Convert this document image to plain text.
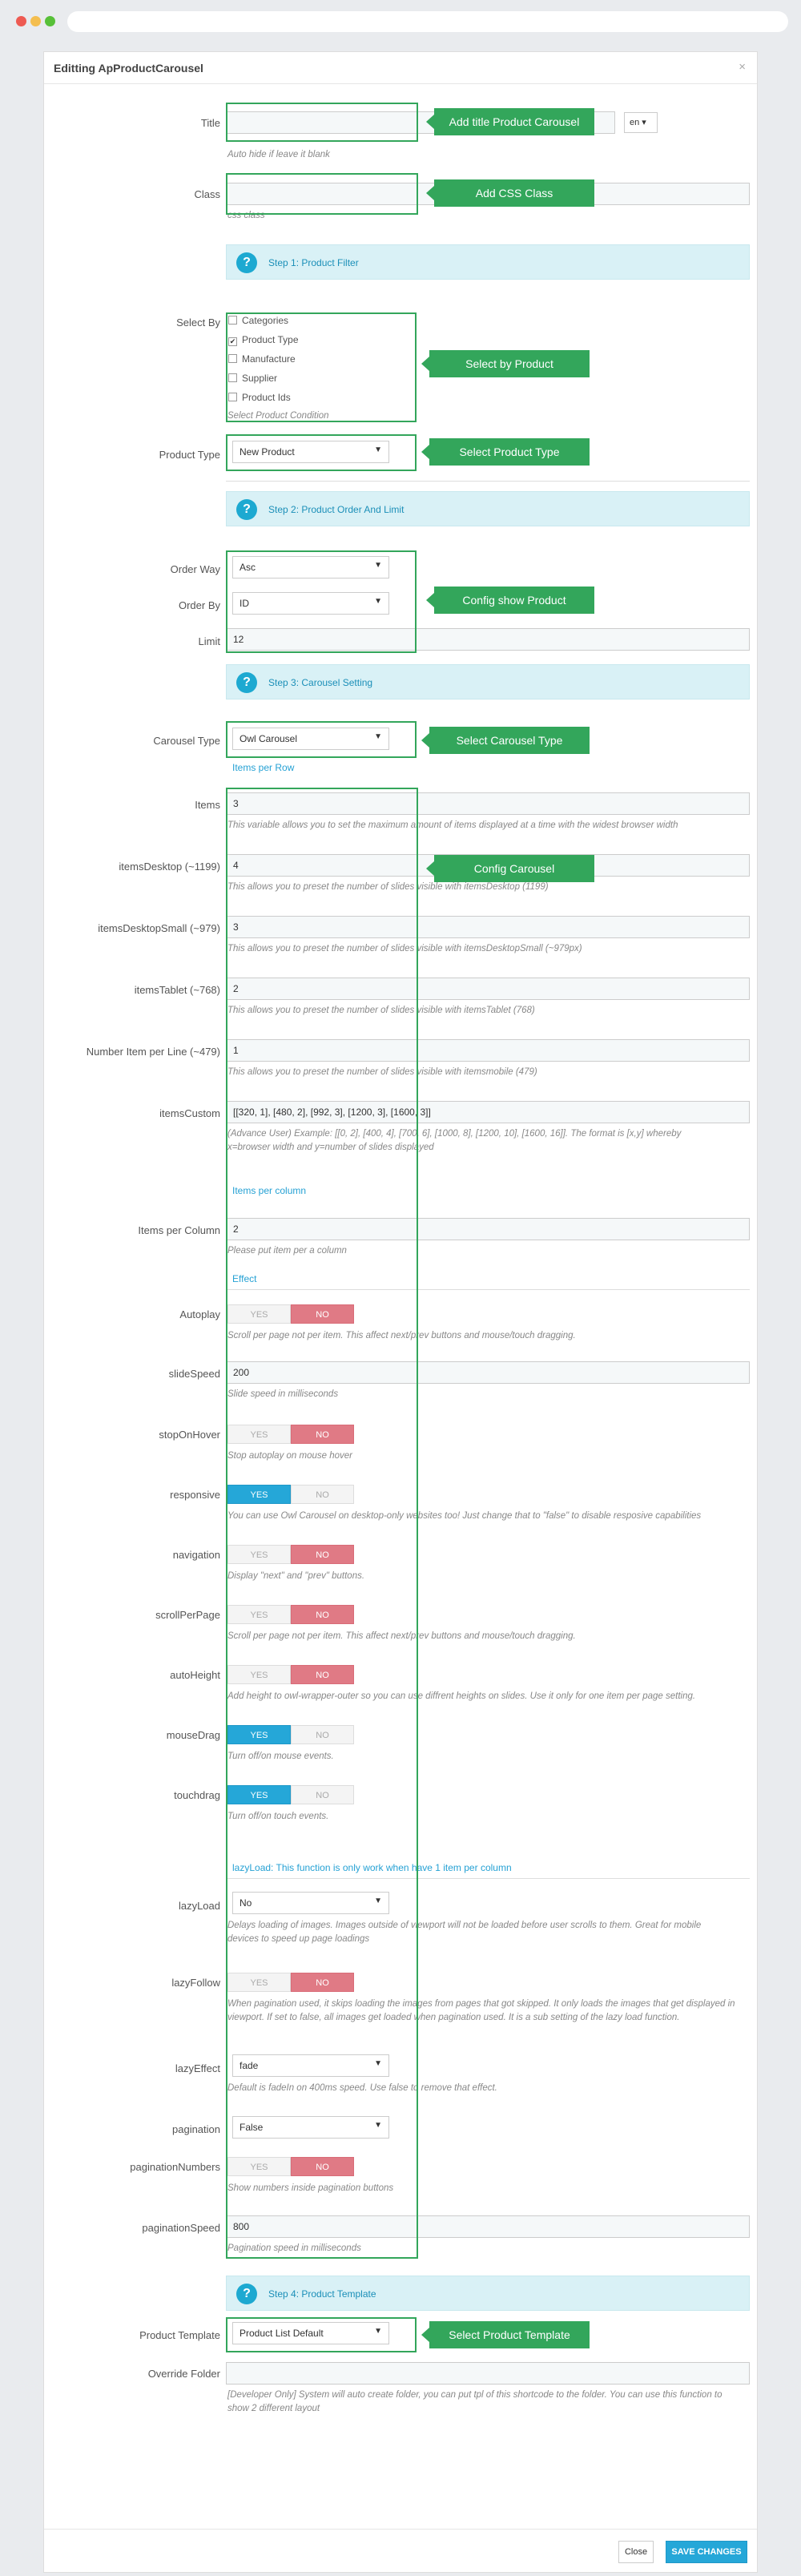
Editting ApProductCarousel	×
Title	en ▾
Auto hide if leave it blank
Class
css class
?	Step 1: Product Filter
Select By	Categories
✔ Product Type
Manufacture
Supplier
Product Ids
Select Product Condition
Product Type	New Product	▼
?	Step 2: Product Order And Limit
Order Way	Asc	▼
Order By	ID	▼
Limit	12
?	Step 3: Carousel Setting
Carousel Type	Owl Carousel	▼
Items per Row
Items	3
This variable allows you to set the maximum amount of items displayed at a time with the widest browser width
itemsDesktop (~1199)	4
This allows you to preset the number of slides visible with itemsDesktop (1199)
itemsDesktopSmall (~979)	3
This allows you to preset the number of slides visible with itemsDesktopSmall (~979px)
itemsTablet (~768)	2
This allows you to preset the number of slides visible with itemsTablet (768)
Number Item per Line (~479)	1
This allows you to preset the number of slides visible with itemsmobile (479)
itemsCustom	[[320, 1], [480, 2], [992, 3], [1200, 3], [1600, 3]]
(Advance User) Example: [[0, 2], [400, 4], [700, 6], [1000, 8], [1200, 10], [1600, 16]]. The format is [x,y] whereby x=browser width and y=number of slides displayed
Items per column
Items per Column	2
Please put item per a column
Effect
Autoplay	YES	NO
Scroll per page not per item. This affect next/prev buttons and mouse/touch dragging.
slideSpeed	200
Slide speed in milliseconds
stopOnHover	YES	NO
Stop autoplay on mouse hover
responsive	YES	NO
You can use Owl Carousel on desktop-only websites too! Just change that to "false" to disable resposive capabilities
navigation	YES	NO
Display "next" and "prev" buttons.
scrollPerPage	YES	NO
Scroll per page not per item. This affect next/prev buttons and mouse/touch dragging.
autoHeight	YES	NO
Add height to owl-wrapper-outer so you can use diffrent heights on slides. Use it only for one item per page setting.
mouseDrag	YES	NO
Turn off/on mouse events.
touchdrag	YES	NO
Turn off/on touch events.
lazyLoad: This function is only work when have 1 item per column
lazyLoad	No	▼
Delays loading of images. Images outside of viewport will not be loaded before user scrolls to them. Great for mobile devices to speed up page loadings
lazyFollow	YES	NO
When pagination used, it skips loading the images from pages that got skipped. It only loads the images that get displayed in viewport. If set to false, all images get loaded when pagination used. It is a sub setting of the lazy load function.
lazyEffect	fade	▼
Default is fadeIn on 400ms speed. Use false to remove that effect.
pagination	False	▼
paginationNumbers	YES	NO
Show numbers inside pagination buttons
paginationSpeed	800
Pagination speed in milliseconds
?	Step 4: Product Template
Product Template	Product List Default	▼
Override Folder
[Developer Only] System will auto create folder, you can put tpl of this shortcode to the folder. You can use this function to show 2 different layout
Add title Product Carousel
Add CSS Class
Select by Product
Select Product Type
Config show Product
Select Carousel Type
Config Carousel
Select Product Template
Close	SAVE CHANGES
